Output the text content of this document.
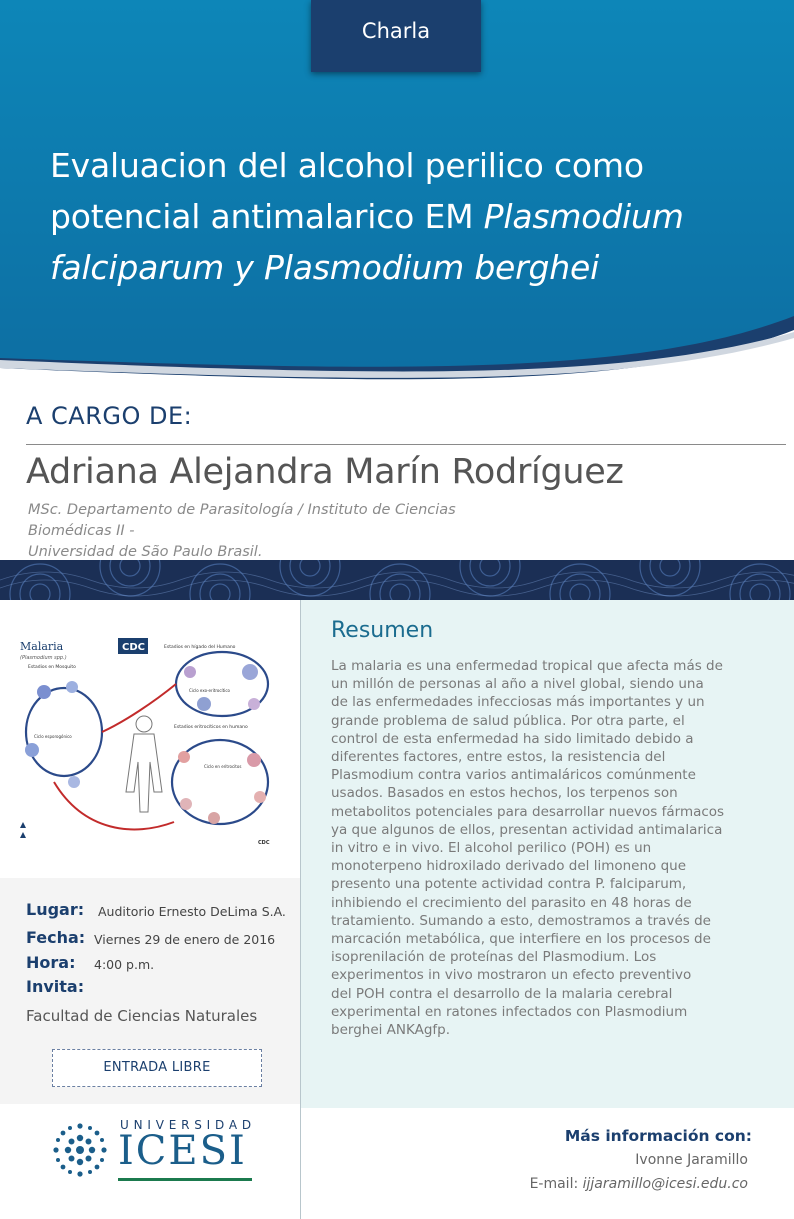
Charla
Evaluacion del alcohol perilico como
potencial antimalarico EM Plasmodium
falciparum y Plasmodium berghei
A CARGO DE:
Adriana Alejandra Marín Rodríguez
MSc. Departamento de Parasitología / Instituto de Ciencias Biomédicas II -
Universidad de São Paulo Brasil.
Resumen

La malaria es una enfermedad tropical que afecta más de
un millón de personas al año a nivel global, siendo una
de las enfermedades infecciosas más importantes y un
grande problema de salud pública. Por otra parte, el
control de esta enfermedad ha sido limitado debido a
diferentes factores, entre estos, la resistencia del
Plasmodium contra varios antimaláricos comúnmente
usados. Basados en estos hechos, los terpenos son
metabolitos potenciales para desarrollar nuevos fármacos
ya que algunos de ellos, presentan actividad antimalarica
in vitro e in vivo. El alcohol perilico (POH) es un
monoterpeno hidroxilado derivado del limoneno que
presento una potente actividad contra P. falciparum,
inhibiendo el crecimiento del parasito en 48 horas de
tratamiento. Sumando a esto, demostramos a través de
marcación metabólica, que interfiere en los procesos de
isoprenilación de proteínas del Plasmodium. Los
experimentos in vivo mostraron un efecto preventivo
del POH contra el desarrollo de la malaria cerebral
experimental en ratones infectados con Plasmodium
berghei ANKAgfp.

Malaria
(Plasmodium spp.)
CDC	Estadios en hígado del Humano
Estadios en Mosquito
Estadios eritrocíticos en humano
Ciclo exo-eritrocítico
Ciclo esporogónico
Ciclo en eritrocitos
CDC
Lugar: Auditorio Ernesto DeLima S.A.
Fecha: Viernes 29 de enero de 2016
Hora: 4:00 p.m.
Invita:
Facultad de Ciencias Naturales
ENTRADA LIBRE
UNIVERSIDAD
ICESI	Más información con:
Ivonne Jaramillo
E-mail: ijjaramillo@icesi.edu.co
